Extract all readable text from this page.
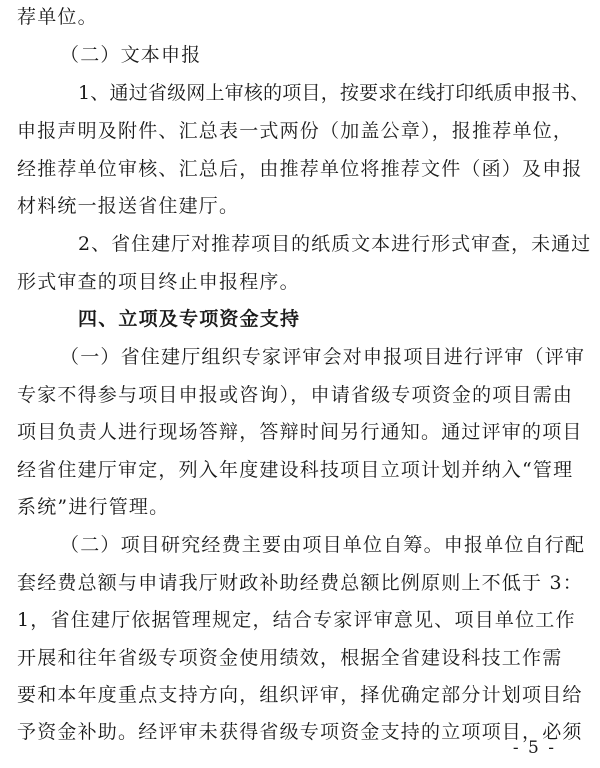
荐单位。
（二）文本申报
1、通过省级网上审核的项目，按要求在线打印纸质申报书、
申报声明及附件、汇总表一式两份（加盖公章），报推荐单位，
经推荐单位审核、汇总后，由推荐单位将推荐文件（函）及申报
材料统一报送省住建厅。
2、省住建厅对推荐项目的纸质文本进行形式审查，未通过
形式审查的项目终止申报程序。
四、立项及专项资金支持
（一）省住建厅组织专家评审会对申报项目进行评审（评审
专家不得参与项目申报或咨询），申请省级专项资金的项目需由
项目负责人进行现场答辩，答辩时间另行通知。通过评审的项目
经省住建厅审定，列入年度建设科技项目立项计划并纳入“管理
系统”进行管理。
（二）项目研究经费主要由项目单位自筹。申报单位自行配
套经费总额与申请我厅财政补助经费总额比例原则上不低于 3：
1，省住建厅依据管理规定，结合专家评审意见、项目单位工作
开展和往年省级专项资金使用绩效，根据全省建设科技工作需
要和本年度重点支持方向，组织评审，择优确定部分计划项目给
予资金补助。经评审未获得省级专项资金支持的立项项目，必须
- 5 -
